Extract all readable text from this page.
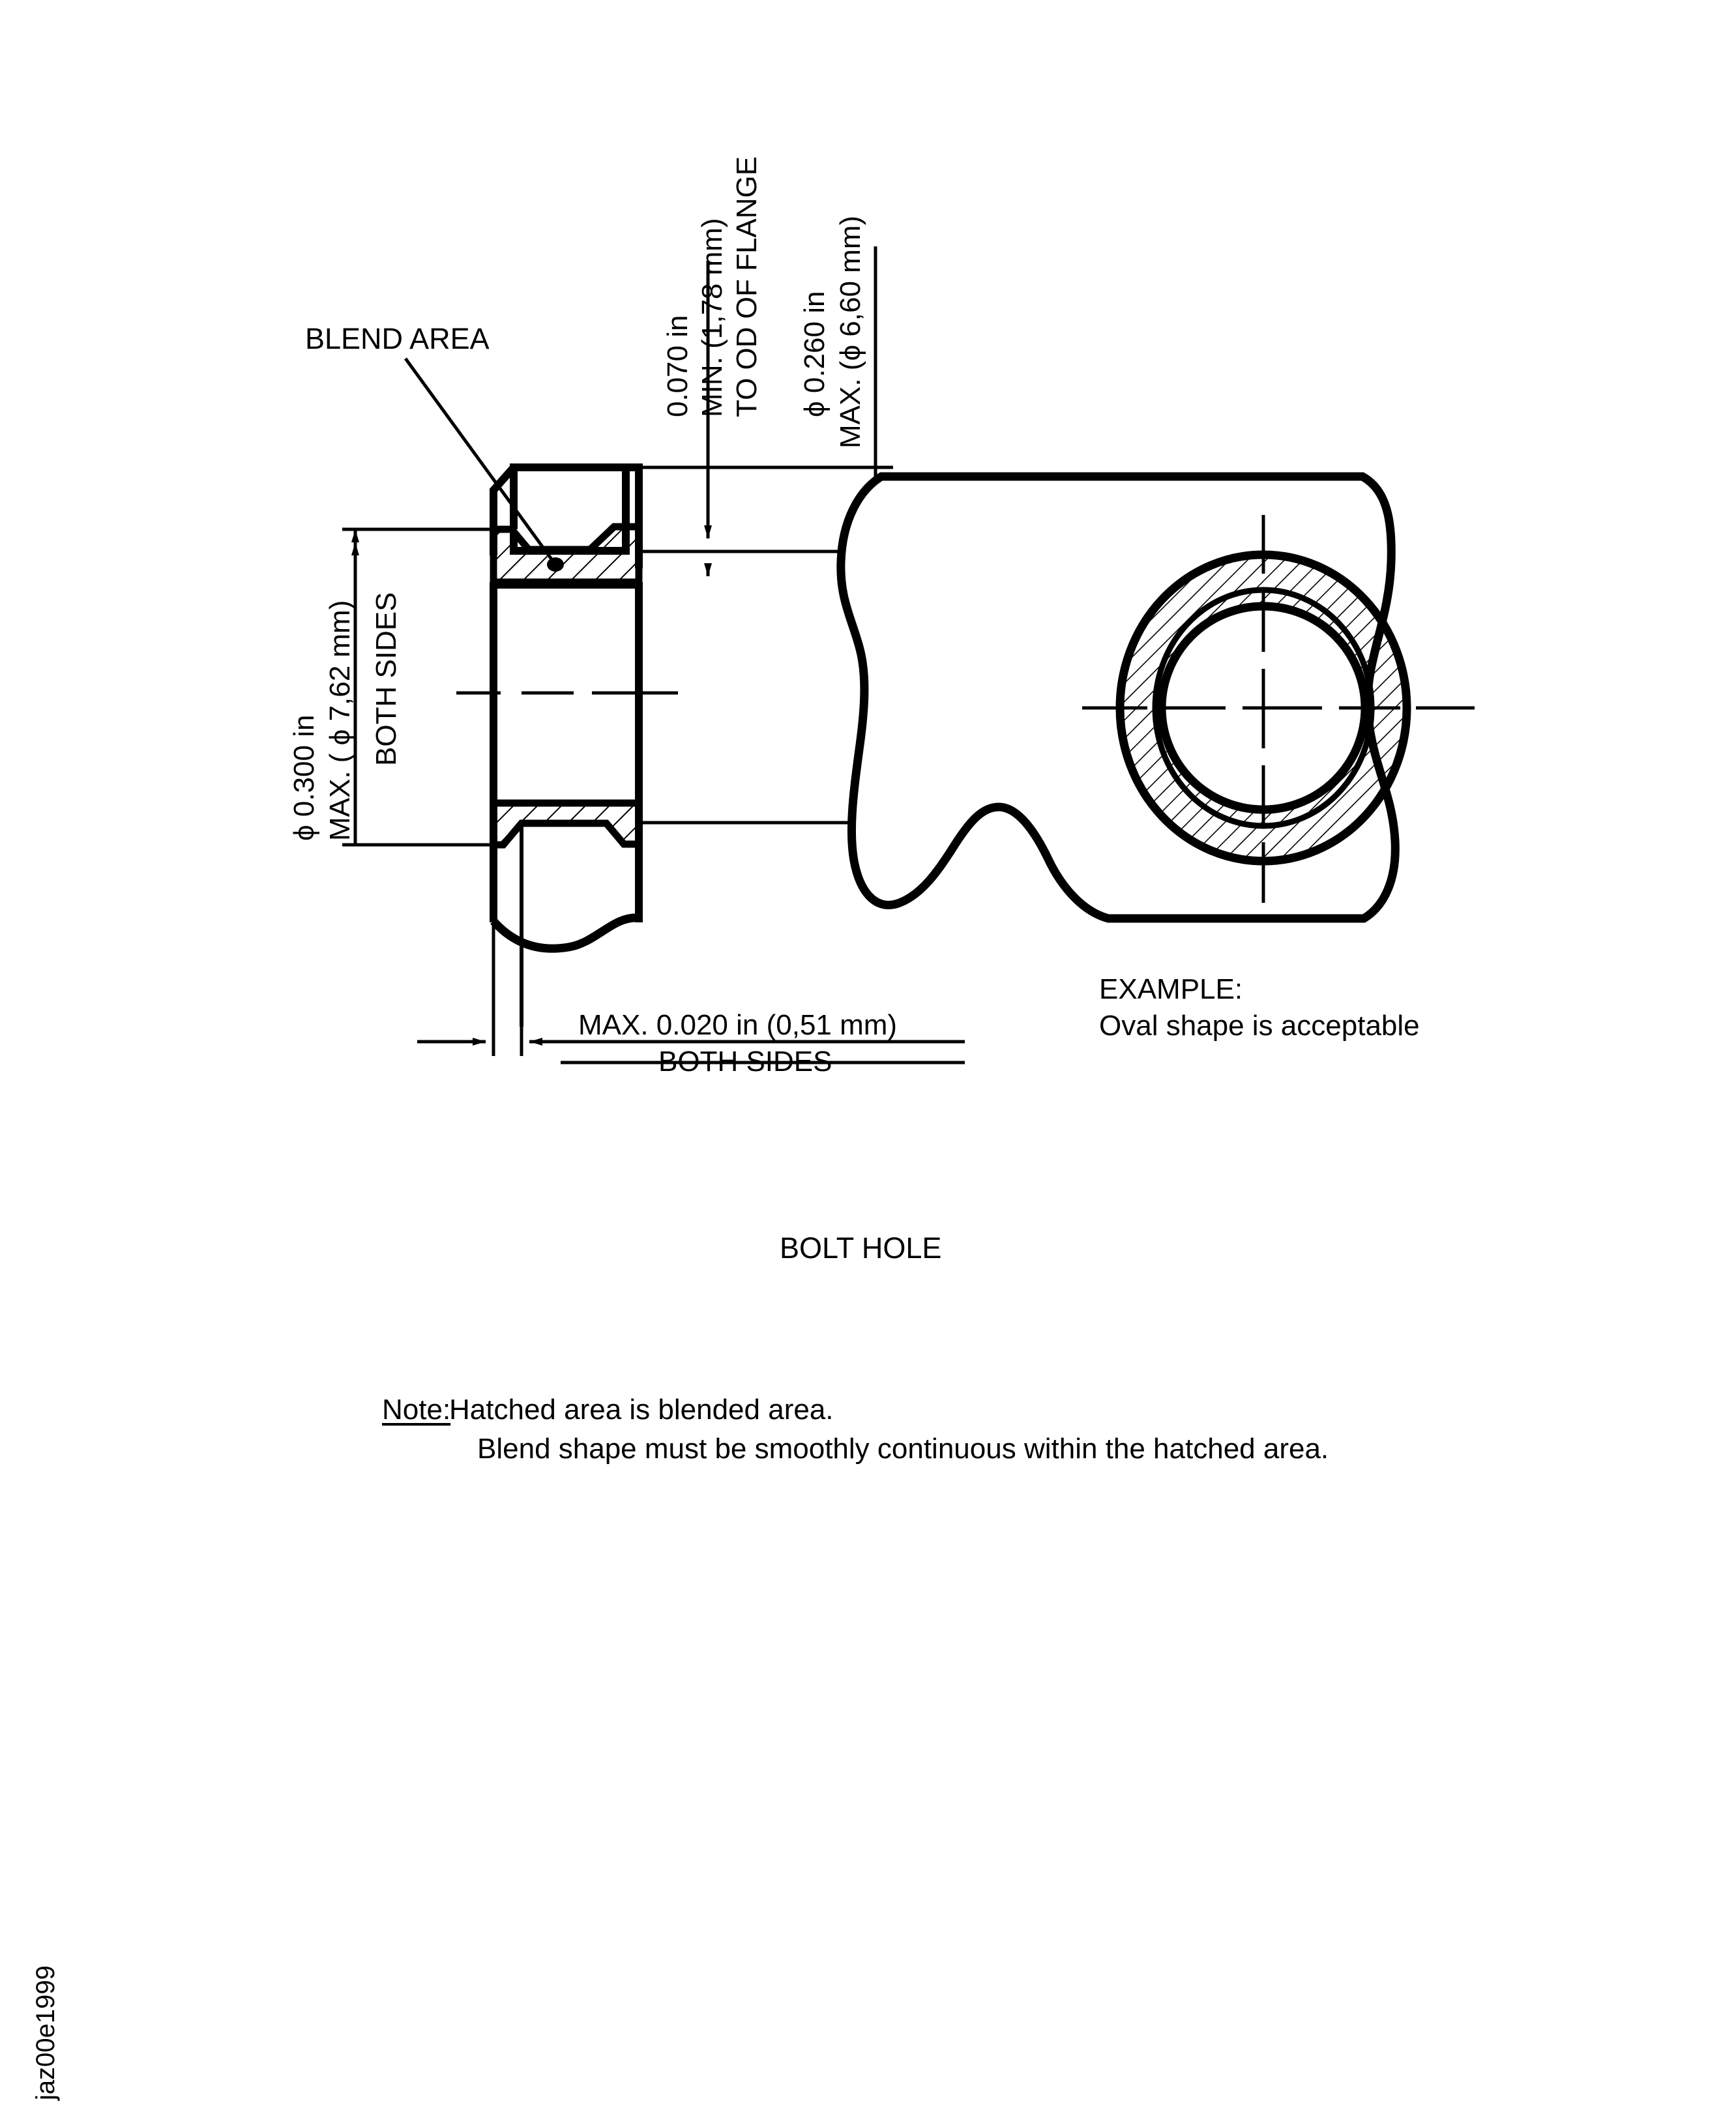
BLEND AREA	0.070 in MIN. (1,78 mm) TO OD OF FLANGE ϕ 0.260 in MAX. (ϕ 6,60 mm)
ϕ 0.300 in MAX. ( ϕ 7,62 mm) BOTH SIDES
MAX. 0.020 in (0,51 mm)
BOTH SIDES
EXAMPLE:
Oval shape is acceptable
BOLT HOLE
Note:
Hatched area is blended area.
Blend shape must be smoothly continuous within the hatched area.
jaz00e1999
